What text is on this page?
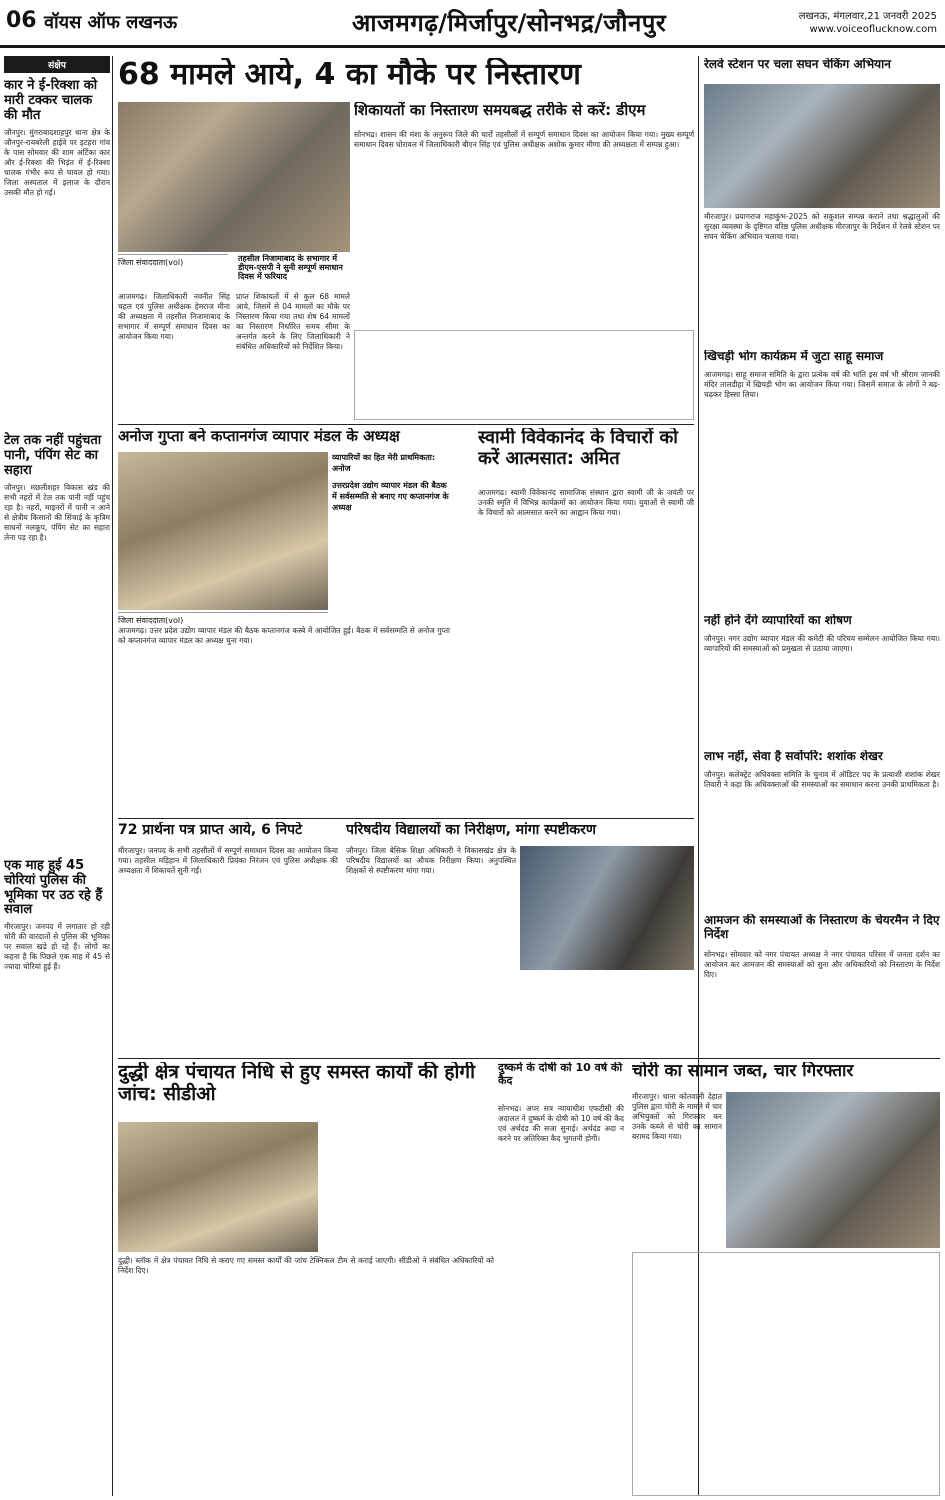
06 वॉयस ऑफ लखनऊ	आजमगढ़/मिर्जापुर/सोनभद्र/जौनपुर	लखनऊ, मंगलवार,21 जनवरी 2025
www.voiceoflucknow.com
संक्षेप
कार ने ई-रिक्शा को मारी टक्कर चालक की मौत
जौनपुर। मुंगराबादशाहपुर थाना क्षेत्र के जौनपुर-रायबरेली हाईवे पर इटहरा गांव के पास सोमवार की शाम अर्टिका कार और ई-रिक्शा की भिड़ंत में ई-रिक्शा चालक गंभीर रूप से घायल हो गया। जिला अस्पताल में इलाज के दौरान उसकी मौत हो गई।
टेल तक नहीं पहुंचता पानी, पंपिंग सेट का सहारा
जौनपुर। मछलीशहर विकास खंड की सभी नहरों में टेल तक पानी नहीं पहुंच रहा है। नहरों, माइनरों में पानी न आने से क्षेत्रीय किसानों की सिंचाई के कृत्रिम साधनों नलकूप, पंपिंग सेट का सहारा लेना पड़ रहा है।
एक माह हुई 45 चोरियां पुलिस की भूमिका पर उठ रहे हैं सवाल
मीरजापुर। जनपद में लगातार हो रही चोरी की वारदातों से पुलिस की भूमिका पर सवाल खड़े हो रहे हैं। लोगों का कहना है कि पिछले एक माह में 45 से ज्यादा चोरियां हुई हैं।
68 मामले आये, 4 का मौके पर निस्तारण
जिला संवाददाता(vol)	तहसील निजामाबाद के सभागार में डीएम-एसपी ने सुनी सम्पूर्ण समाधान दिवस में फरियाद
शिकायतों का निस्तारण समयबद्ध तरीके से करें: डीएम
सोनभद्र। शासन की मंशा के अनुरूप जिले की चारों तहसीलों में सम्पूर्ण समाधान दिवस का आयोजन किया गया। मुख्य सम्पूर्ण समाधान दिवस घोरावल में जिलाधिकारी बीएन सिंह एवं पुलिस अधीक्षक अशोक कुमार मीणा की अध्यक्षता में सम्पन्न हुआ।
आजमगढ़। जिलाधिकारी नवनीत सिंह चहल एवं पुलिस अधीक्षक हेमराज मीना की अध्यक्षता में तहसील निजामाबाद के सभागार में सम्पूर्ण समाधान दिवस का आयोजन किया गया।
प्राप्त शिकायतों में से कुल 68 मामले आये, जिसमें से 04 मामलों का मौके पर निस्तारण किया गया तथा शेष 64 मामलों का निस्तारण निर्धारित समय सीमा के अन्तर्गत करने के लिए जिलाधिकारी ने संबंधित अधिकारियों को निर्देशित किया।
रेलवे स्टेशन पर चला सघन चेकिंग अभियान
मीरजापुर। प्रयागराज महाकुंभ-2025 को सकुशल सम्पन्न कराने तथा श्रद्धालुओं की सुरक्षा व्यवस्था के दृष्टिगत वरिष्ठ पुलिस अधीक्षक मीरजापुर के निर्देशन में रेलवे स्टेशन पर सघन चेकिंग अभियान चलाया गया।
खिचड़ी भोग कार्यक्रम में जुटा साहू समाज
आजमगढ़। साहू समाज समिति के द्वारा प्रत्येक वर्ष की भांति इस वर्ष भी श्रीराम जानकी मंदिर तालडीहा में खिचड़ी भोग का आयोजन किया गया। जिसमें समाज के लोगों ने बढ़-चढ़कर हिस्सा लिया।
नहीं होने देंगे व्यापारियों का शोषण
जौनपुर। नगर उद्योग व्यापार मंडल की कमेटी की परिचय सम्मेलन आयोजित किया गया। व्यापारियों की समस्याओं को प्रमुखता से उठाया जाएगा।
लाभ नहीं, सेवा है सर्वोपरि: शशांक शेखर
जौनपुर। कलेक्ट्रेट अधिवक्ता समिति के चुनाव में ऑडिटर पद के प्रत्याशी शशांक शेखर तिवारी ने कहा कि अधिवक्ताओं की समस्याओं का समाधान करना उनकी प्राथमिकता है।
आमजन की समस्याओं के निस्तारण के चेयरमैन ने दिए निर्देश
सोनभद्र। सोमवार को नगर पंचायत अध्यक्ष ने नगर पंचायत परिसर में जनता दर्शन का आयोजन कर आमजन की समस्याओं को सुना और अधिकारियों को निस्तारण के निर्देश दिए।
अनोज गुप्ता बने कप्तानगंज व्यापार मंडल के अध्यक्ष
व्यापारियों का हित मेरी प्राथमिकता: अनोज
उत्तरप्रदेश उद्योग व्यापार मंडल की बैठक में सर्वसम्मति से बनाए गए कप्तानगंज के अध्यक्ष
जिला संवाददाता(vol)
आजमगढ़। उत्तर प्रदेश उद्योग व्यापार मंडल की बैठक कप्तानगंज कस्बे में आयोजित हुई। बैठक में सर्वसम्मति से अनोज गुप्ता को कप्तानगंज व्यापार मंडल का अध्यक्ष चुना गया।
स्वामी विवेकानंद के विचारों को करें आत्मसात: अमित
आजमगढ़। स्वामी विवेकानंद सामाजिक संस्थान द्वारा स्वामी जी के जयंती पर उनकी स्मृति में विभिन्न कार्यक्रमों का आयोजन किया गया। युवाओं से स्वामी जी के विचारों को आत्मसात करने का आह्वान किया गया।
72 प्रार्थना पत्र प्राप्त आये, 6 निपटे
मीरजापुर। जनपद के सभी तहसीलों में सम्पूर्ण समाधान दिवस का आयोजन किया गया। तहसील मड़िहान में जिलाधिकारी प्रियंका निरंजन एवं पुलिस अधीक्षक की अध्यक्षता में शिकायतें सुनी गईं।
परिषदीय विद्यालयों का निरीक्षण, मांगा स्पष्टीकरण
जौनपुर। जिला बेसिक शिक्षा अधिकारी ने विकासखंड क्षेत्र के परिषदीय विद्यालयों का औचक निरीक्षण किया। अनुपस्थित शिक्षकों से स्पष्टीकरण मांगा गया।
दुद्धी क्षेत्र पंचायत निधि से हुए समस्त कार्यों की होगी जांच: सीडीओ
दुद्धी। ब्लॉक में क्षेत्र पंचायत निधि से कराए गए समस्त कार्यों की जांच टेक्निकल टीम से कराई जाएगी। सीडीओ ने संबंधित अधिकारियों को निर्देश दिए।
दुष्कर्म के दोषी को 10 वर्ष की कैद
सोनभद्र। अपर सत्र न्यायाधीश एफटीसी की अदालत ने दुष्कर्म के दोषी को 10 वर्ष की कैद एवं अर्थदंड की सजा सुनाई। अर्थदंड अदा न करने पर अतिरिक्त कैद भुगतनी होगी।
चोरी का सामान जब्त, चार गिरफ्तार
मीरजापुर। थाना कोतवाली देहात पुलिस द्वारा चोरी के मामले में चार अभियुक्तों को गिरफ्तार कर उनके कब्जे से चोरी का सामान बरामद किया गया।
